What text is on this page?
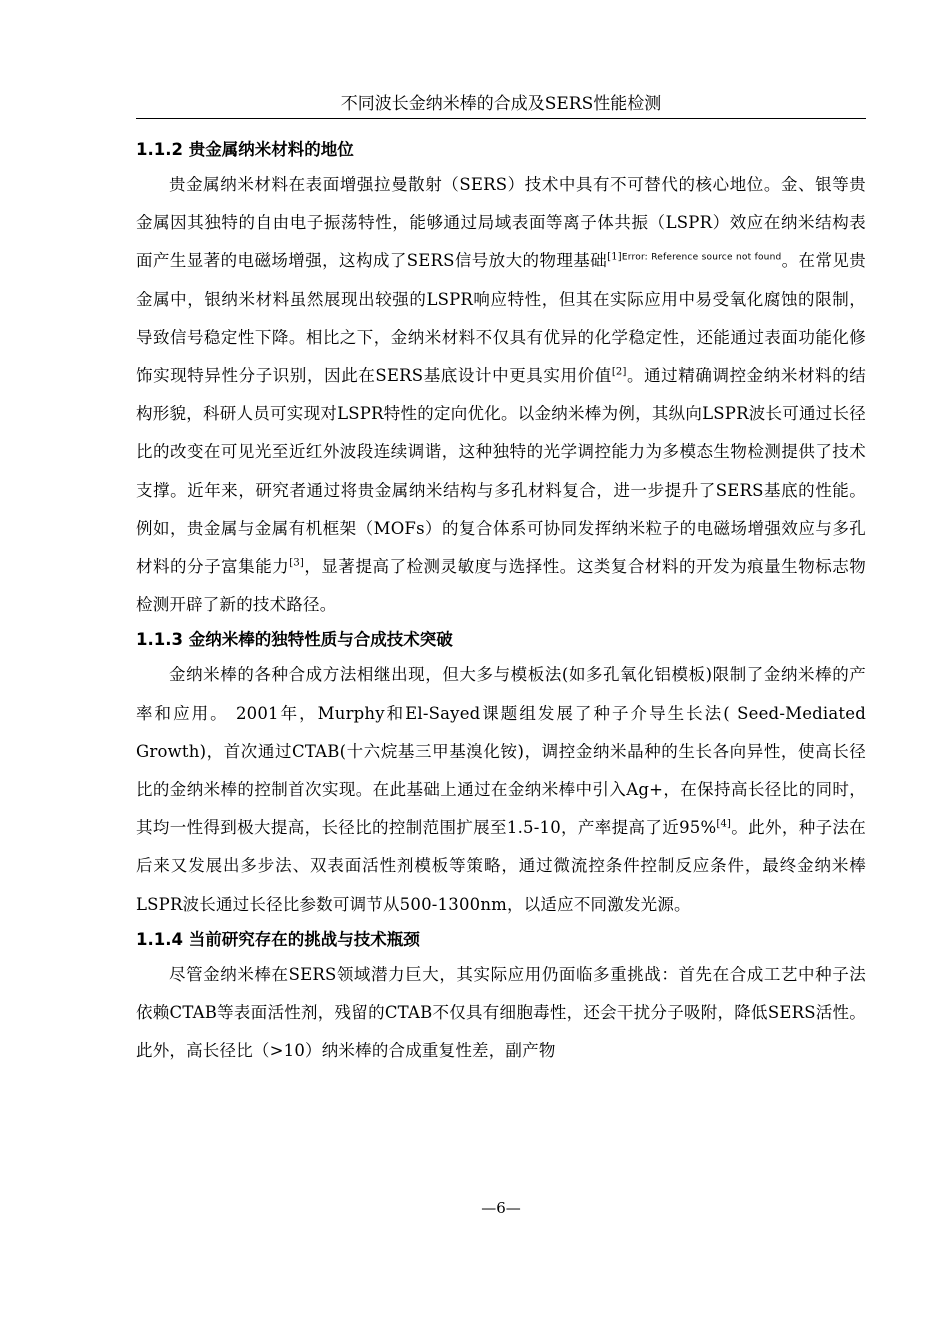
不同波长金纳米棒的合成及SERS性能检测
1.1.2 贵金属纳米材料的地位

贵金属纳米材料在表面增强拉曼散射（SERS）技术中具有不可替代的核心地位。金、银等贵金属因其独特的自由电子振荡特性，能够通过局域表面等离子体共振（LSPR）效应在纳米结构表面产生显著的电磁场增强，这构成了SERS信号放大的物理基础$^{[1]Error: Reference source not found}$。在常见贵金属中，银纳米材料虽然展现出较强的LSPR响应特性，但其在实际应用中易受氧化腐蚀的限制，导致信号稳定性下降。相比之下，金纳米材料不仅具有优异的化学稳定性，还能通过表面功能化修饰实现特异性分子识别，因此在SERS基底设计中更具实用价值[2]。通过精确调控金纳米材料的结构形貌，科研人员可实现对LSPR特性的定向优化。以金纳米棒为例，其纵向LSPR波长可通过长径比的改变在可见光至近红外波段连续调谐，这种独特的光学调控能力为多模态生物检测提供了技术支撑。近年来，研究者通过将贵金属纳米结构与多孔材料复合，进一步提升了SERS基底的性能。例如，贵金属与金属有机框架（MOFs）的复合体系可协同发挥纳米粒子的电磁场增强效应与多孔材料的分子富集能力[3]，显著提高了检测灵敏度与选择性。这类复合材料的开发为痕量生物标志物检测开辟了新的技术路径。

1.1.3 金纳米棒的独特性质与合成技术突破

金纳米棒的各种合成方法相继出现，但大多与模板法(如多孔氧化铝模板)限制了金纳米棒的产率和应用。 2001年，Murphy和El-Sayed课题组发展了种子介导生长法( Seed-Mediated Growth)，首次通过CTAB(十六烷基三甲基溴化铵)，调控金纳米晶种的生长各向异性，使高长径比的金纳米棒的控制首次实现。在此基础上通过在金纳米棒中引入Ag+，在保持高长径比的同时，其均一性得到极大提高，长径比的控制范围扩展至1.5-10，产率提高了近95%[4]。此外，种子法在后来又发展出多步法、双表面活性剂模板等策略，通过微流控条件控制反应条件，最终金纳米棒LSPR波长通过长径比参数可调节从500-1300nm，以适应不同激发光源。

1.1.4 当前研究存在的挑战与技术瓶颈

尽管金纳米棒在SERS领域潜力巨大，其实际应用仍面临多重挑战：首先在合成工艺中种子法依赖CTAB等表面活性剂，残留的CTAB不仅具有细胞毒性，还会干扰分子吸附，降低SERS活性。此外，高长径比（>10）纳米棒的合成重复性差，副产物

—6—
